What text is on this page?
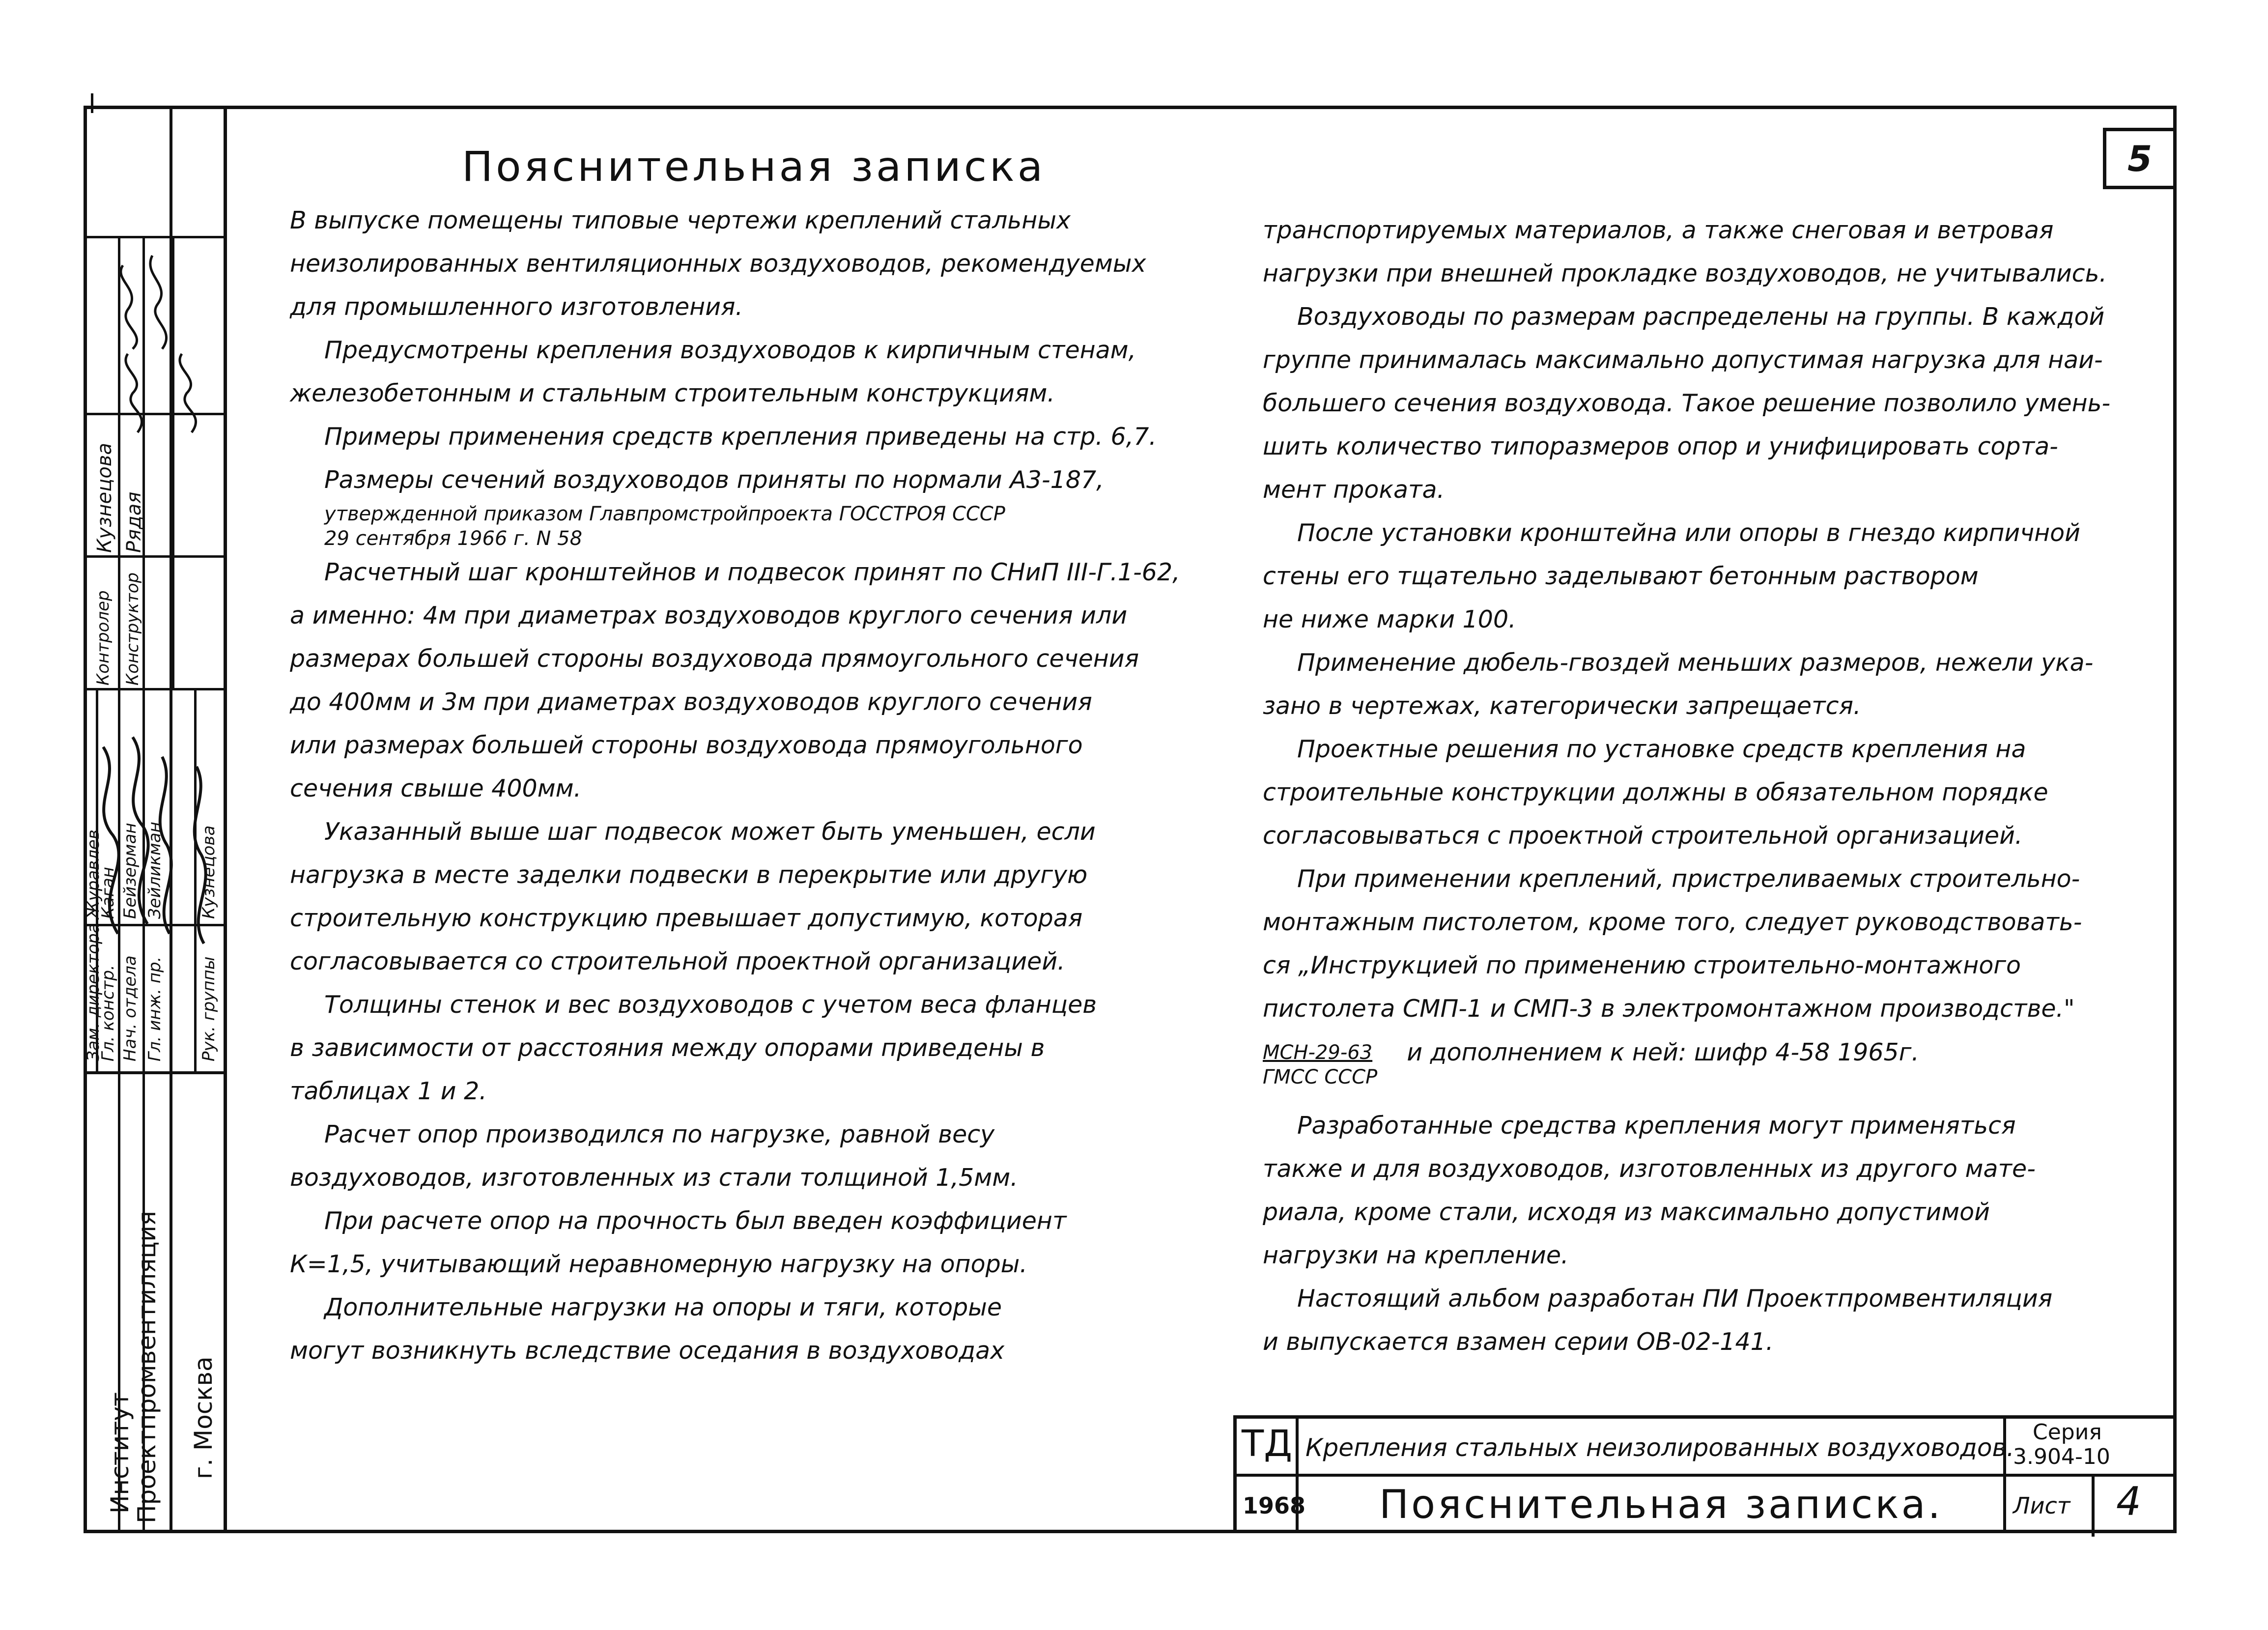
Институт
Проектпромвентиляция г. Москва
Зам. директора
Гл. констр. Нач. отдела Гл. инж. пр. Рук. группы
Журавлев
Каган Бейзерман Зейликман Кузнецова
Контролер Конструктор
Кузнецова Рядая
5
Пояснительная записка

В выпуске помещены типовые чертежи креплений стальных

неизолированных вентиляционных воздуховодов, рекомендуемых

для промышленного изготовления.

Предусмотрены крепления воздуховодов к кирпичным стенам,

железобетонным и стальным строительным конструкциям.

Примеры применения средств крепления приведены на стр. 6,7.

Размеры сечений воздуховодов приняты по нормали А3-187,

утвержденной приказом Главпромстройпроекта ГОССТРОЯ СССР

29 сентября 1966 г. N 58

Расчетный шаг кронштейнов и подвесок принят по СНиП III-Г.1-62,

а именно: 4м при диаметрах воздуховодов круглого сечения или

размерах большей стороны воздуховода прямоугольного сечения

до 400мм и 3м при диаметрах воздуховодов круглого сечения

или размерах большей стороны воздуховода прямоугольного

сечения свыше 400мм.

Указанный выше шаг подвесок может быть уменьшен, если

нагрузка в месте заделки подвески в перекрытие или другую

строительную конструкцию превышает допустимую, которая

согласовывается со строительной проектной организацией.

Толщины стенок и вес воздуховодов с учетом веса фланцев

в зависимости от расстояния между опорами приведены в

таблицах 1 и 2.

Расчет опор производился по нагрузке, равной весу

воздуховодов, изготовленных из стали толщиной 1,5мм.

При расчете опор на прочность был введен коэффициент

К=1,5, учитывающий неравномерную нагрузку на опоры.

Дополнительные нагрузки на опоры и тяги, которые

могут возникнуть вследствие оседания в воздуховодах

транспортируемых материалов, а также снеговая и ветровая

нагрузки при внешней прокладке воздуховодов, не учитывались.

Воздуховоды по размерам распределены на группы. В каждой

группе принималась максимально допустимая нагрузка для наи-

большего сечения воздуховода. Такое решение позволило умень-

шить количество типоразмеров опор и унифицировать сорта-

мент проката.

После установки кронштейна или опоры в гнездо кирпичной

стены его тщательно заделывают бетонным раствором

не ниже марки 100.

Применение дюбель-гвоздей меньших размеров, нежели ука-

зано в чертежах, категорически запрещается.

Проектные решения по установке средств крепления на

строительные конструкции должны в обязательном порядке

согласовываться с проектной строительной организацией.

При применении креплений, пристреливаемых строительно-

монтажным пистолетом, кроме того, следует руководствовать-

ся „Инструкцией по применению строительно-монтажного

пистолета СМП-1 и СМП-3 в электромонтажном производстве."

МСН-29-63
ГМСС СССР
и дополнением к ней: шифр 4-58 1965г.

Разработанные средства крепления могут применяться

также и для воздуховодов, изготовленных из другого мате-

риала, кроме стали, исходя из максимально допустимой

нагрузки на крепление.

Настоящий альбом разработан ПИ Проектпромвентиляция

и выпускается взамен серии ОВ-02-141.

ТД
1968
Крепления стальных неизолированных воздуховодов.
Пояснительная записка.
Серия
3.904-10
Лист 4
